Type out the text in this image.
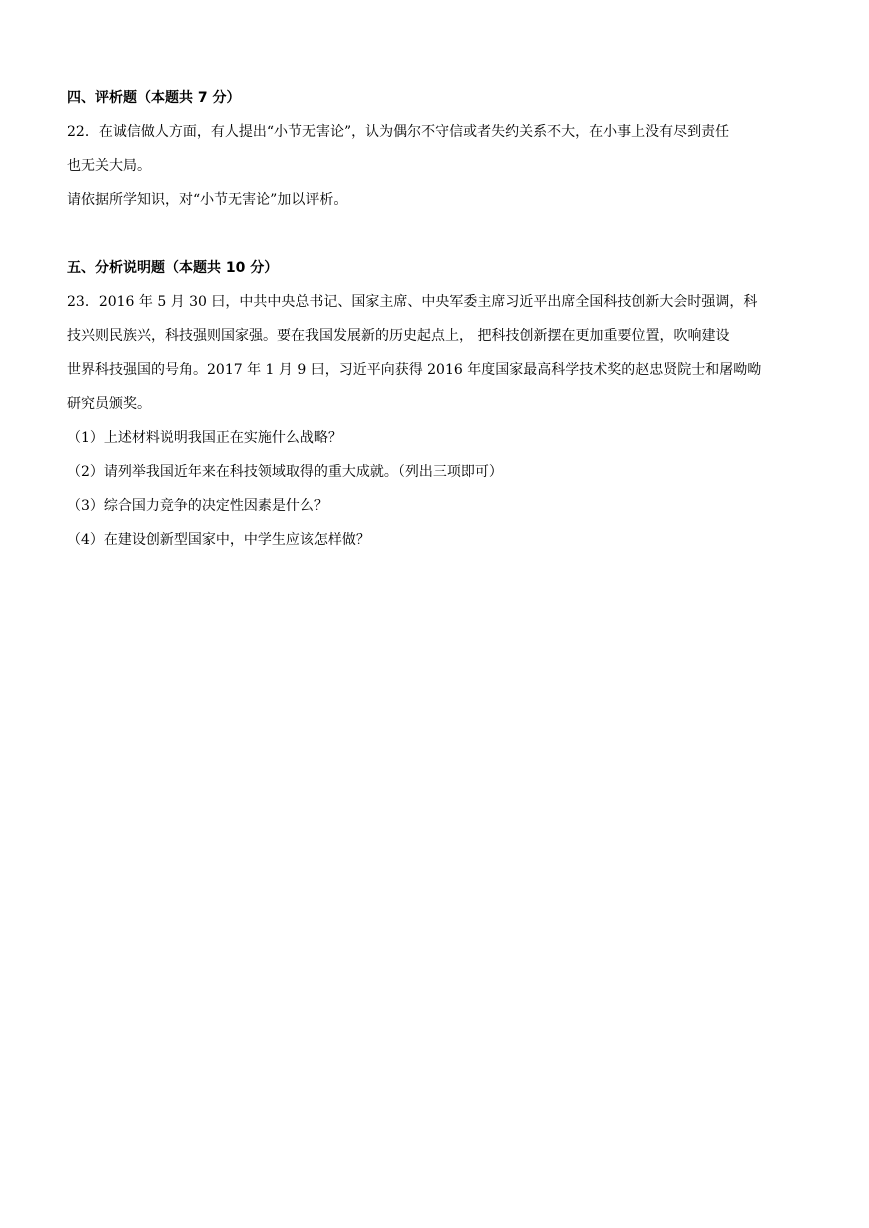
四、评析题（本题共 7 分）
22．在诚信做人方面，有人提出“小节无害论”，认为偶尔不守信或者失约关系不大，在小事上没有尽到责任
也无关大局。
请依据所学知识，对“小节无害论”加以评析。
五、分析说明题（本题共 10 分）
23．2016 年 5 月 30 曰，中共中央总书记、国家主席、中央军委主席习近平出席全国科技创新大会时强调，科
技兴则民族兴，科技强则国家强。要在我国发展新的历史起点上， 把科技创新摆在更加重要位置，吹响建设
世界科技强国的号角。2017 年 1 月 9 曰，习近平向获得 2016 年度国家最高科学技术奖的赵忠贤院士和屠呦呦
研究员颁奖。
（1）上述材料说明我国正在实施什么战略？
（2）请列举我国近年来在科技领域取得的重大成就。（列出三项即可）
（3）综合国力竞争的决定性因素是什么？
（4）在建设创新型国家中，中学生应该怎样做？
